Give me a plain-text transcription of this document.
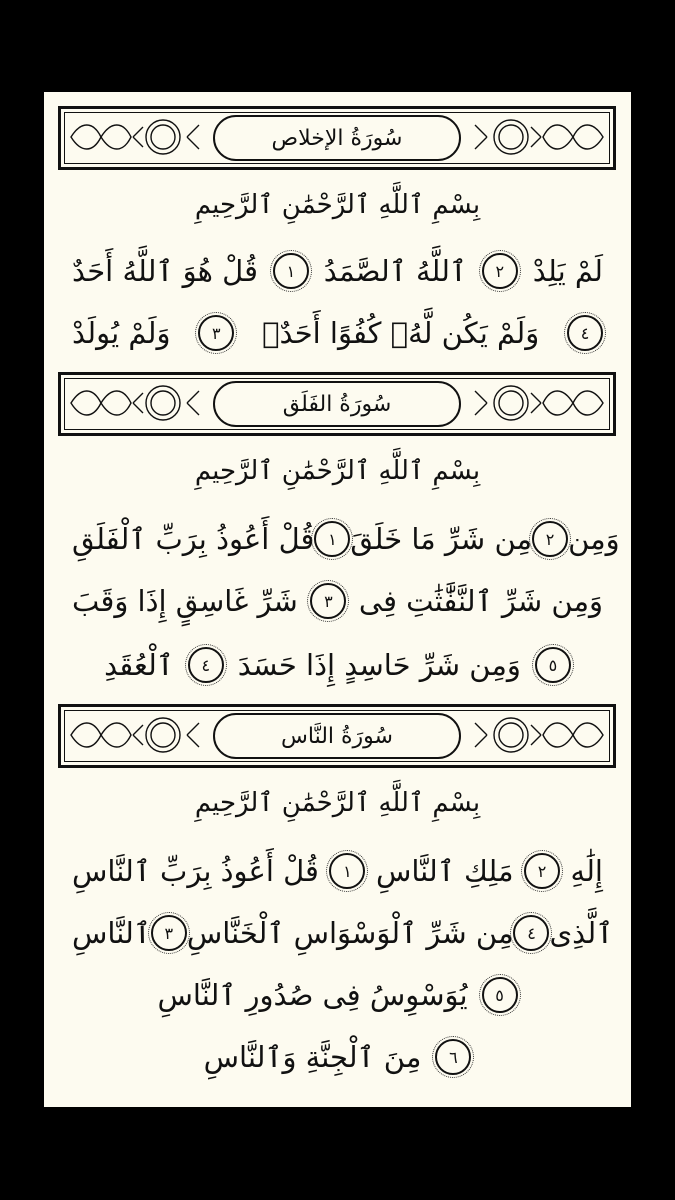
سُورَةُ الإخلاص
بِسْمِ ٱللَّهِ ٱلرَّحْمَٰنِ ٱلرَّحِيمِ
قُلْ هُوَ ٱللَّهُ أَحَدٌ	١ ٱللَّهُ ٱلصَّمَدُ	٢ لَمْ يَلِدْ
وَلَمْ يُولَدْ	٣	وَلَمْ يَكُن لَّهُۥ كُفُوًا أَحَدٌۢ	٤
سُورَةُ الفَلَق
بِسْمِ ٱللَّهِ ٱلرَّحْمَٰنِ ٱلرَّحِيمِ
قُلْ أَعُوذُ بِرَبِّ ٱلْفَلَقِ ١ مِن شَرِّ مَا خَلَقَ ٢ وَمِن
شَرِّ غَاسِقٍ إِذَا وَقَبَ	٣ وَمِن شَرِّ ٱلنَّفَّٰثَٰتِ فِى
ٱلْعُقَدِ	٤ وَمِن شَرِّ حَاسِدٍ إِذَا حَسَدَ	٥
سُورَةُ النَّاس
بِسْمِ ٱللَّهِ ٱلرَّحْمَٰنِ ٱلرَّحِيمِ
قُلْ أَعُوذُ بِرَبِّ ٱلنَّاسِ	١ مَلِكِ ٱلنَّاسِ	٢ إِلَٰهِ
ٱلنَّاسِ ٣ مِن شَرِّ ٱلْوَسْوَاسِ ٱلْخَنَّاسِ ٤ ٱلَّذِى
يُوَسْوِسُ فِى صُدُورِ ٱلنَّاسِ	٥
مِنَ ٱلْجِنَّةِ وَٱلنَّاسِ	٦
